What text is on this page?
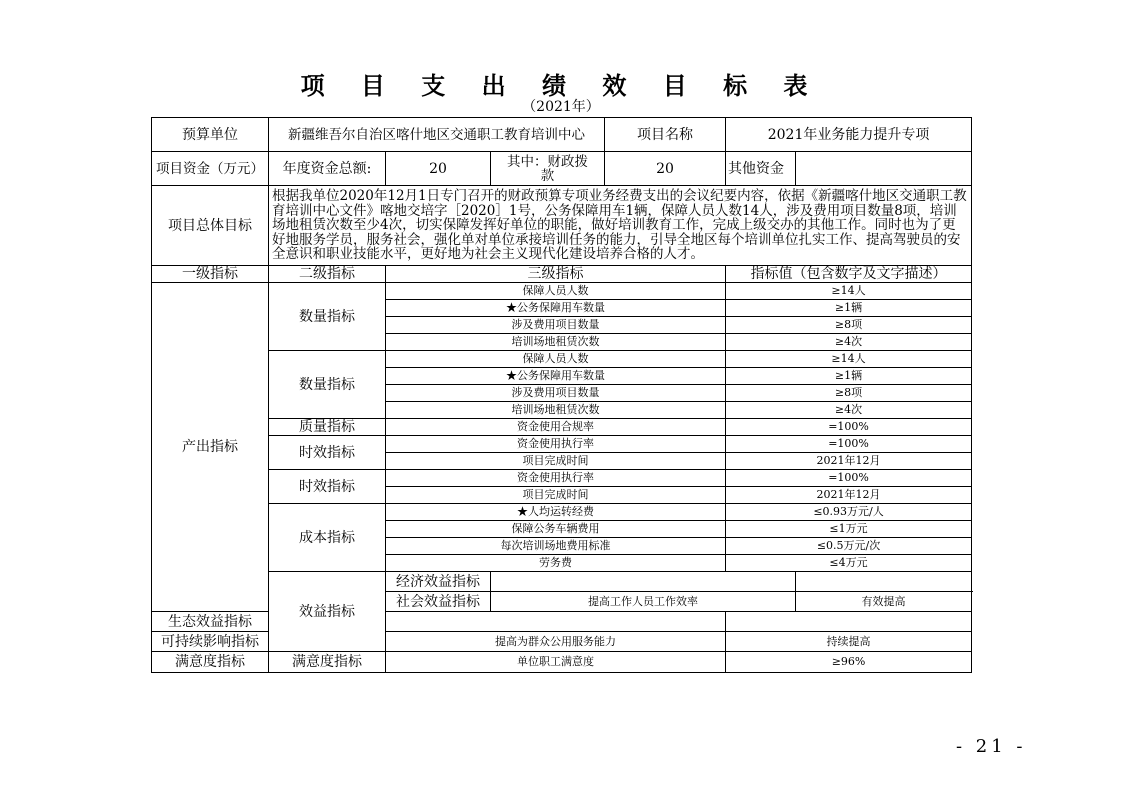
项 目 支 出 绩 效 目 标 表
（2021年）
预算单位	新疆维吾尔自治区喀什地区交通职工教育培训中心			项目名称	2021年业务能力提升专项	
项目资金（万元）	年度资金总额:	20	其中：财政拨款	20	其他资金	
项目总体目标	根据我单位2020年12月1日专门召开的财政预算专项业务经费支出的会议纪要内容，依据《新疆喀什地区交通职工教育培训中心文件》喀地交培字［2020］1号，公务保障用车1辆，保障人员人数14人，涉及费用项目数量8项，培训场地租赁次数至少4次，切实保障发挥好单位的职能，做好培训教育工作，完成上级交办的其他工作。同时也为了更好地服务学员，服务社会，强化单对单位承接培训任务的能力，引导全地区每个培训单位扎实工作、提高驾驶员的安全意识和职业技能水平，更好地为社会主义现代化建设培养合格的人才。					
一级指标	二级指标	三级指标			指标值（包含数字及文字描述）	
产出指标	数量指标	保障人员人数			≥14人	
		★公务保障用车数量			≥1辆	
		涉及费用项目数量			≥8项	
		培训场地租赁次数			≥4次	
	数量指标	保障人员人数			≥14人	
		★公务保障用车数量			≥1辆	
		涉及费用项目数量			≥8项	
		培训场地租赁次数			≥4次	
	质量指标	资金使用合规率			=100%	
	时效指标	资金使用执行率			=100%	
		项目完成时间			2021年12月	
	时效指标	资金使用执行率			=100%	
		项目完成时间			2021年12月	
	成本指标	★人均运转经费			≤0.93万元/人	
		保障公务车辆费用			≤1万元	
		每次培训场地费用标准			≤0.5万元/次	
		劳务费			≤4万元	
	效益指标	经济效益指标				
		社会效益指标	提高工作人员工作效率			有效提高
生态效益指标						
可持续影响指标		提高为群众公用服务能力			持续提高	
满意度指标	满意度指标	单位职工满意度			≥96%	
- 21 -
